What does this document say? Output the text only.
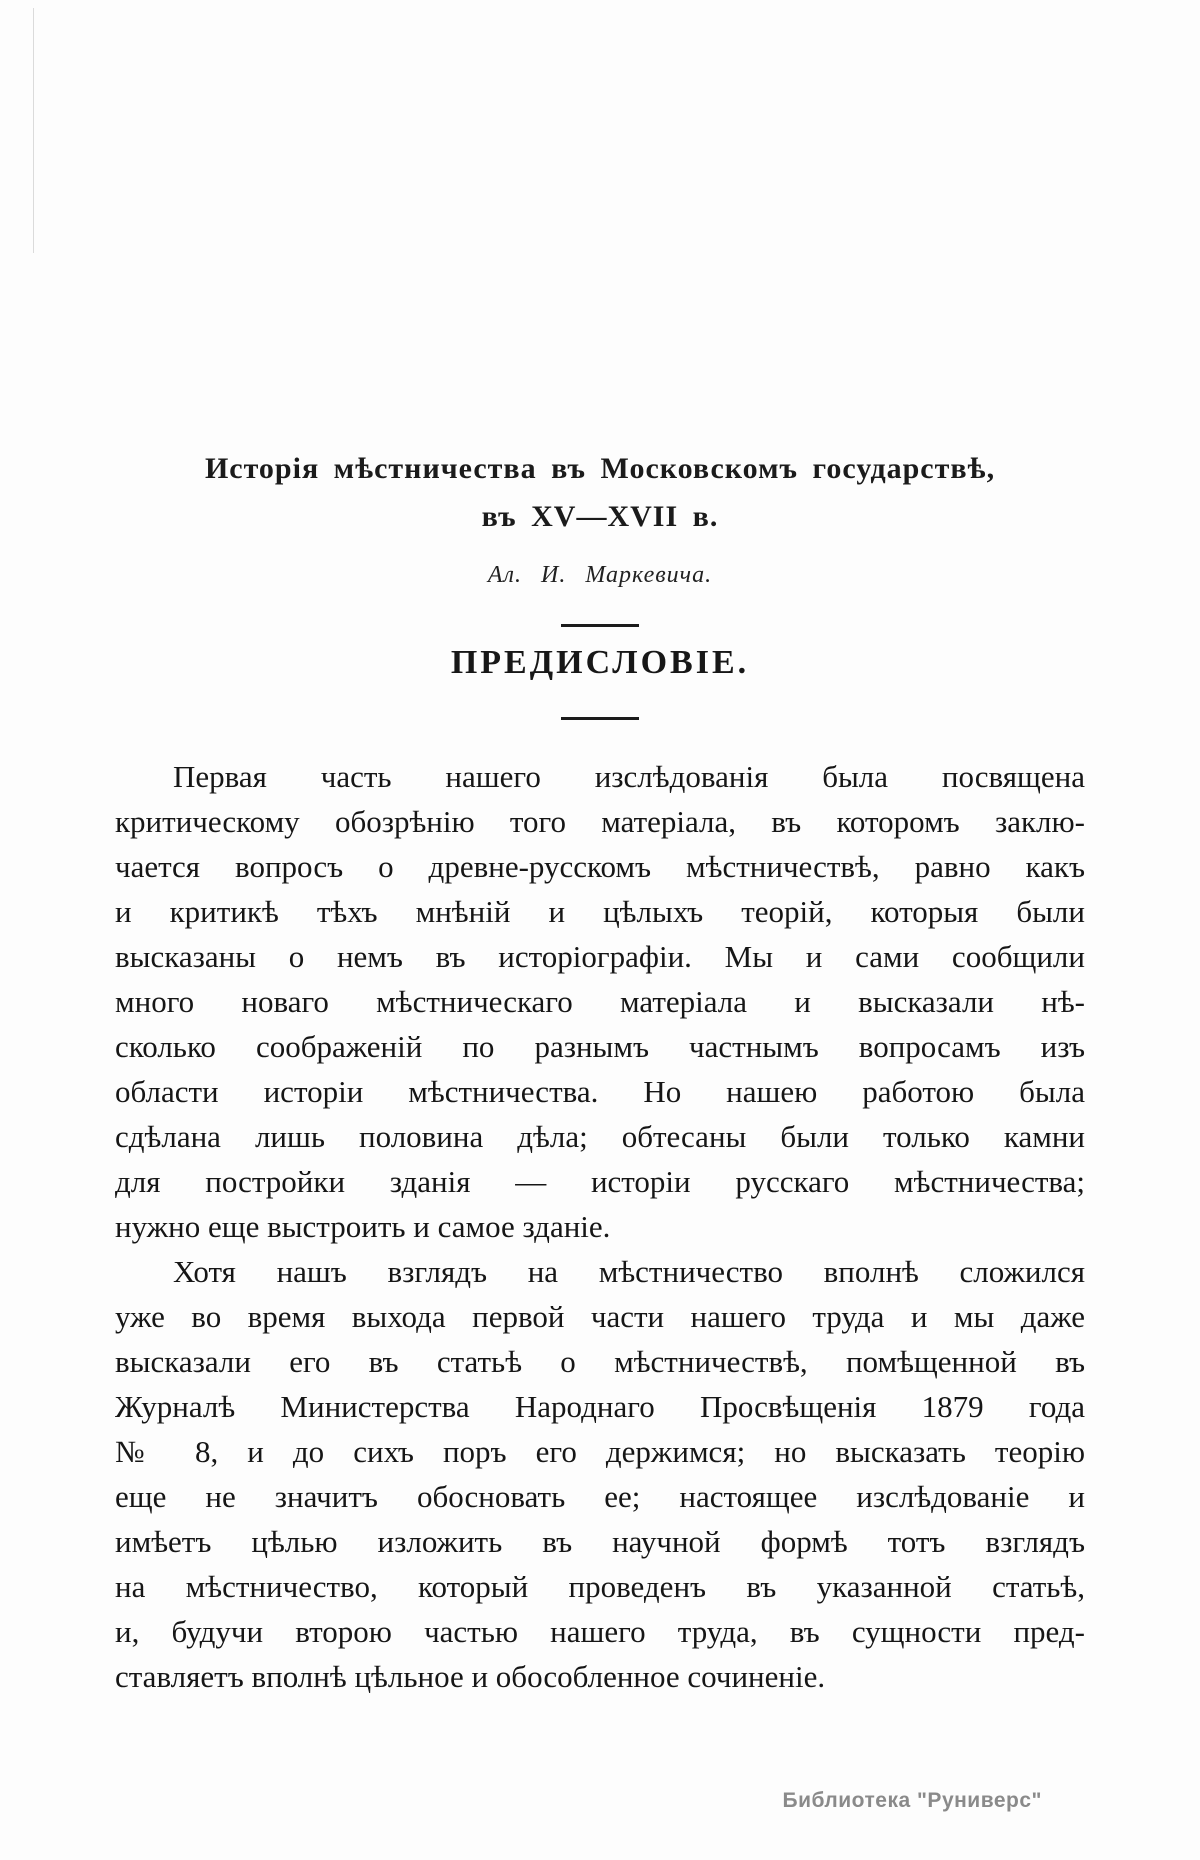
Исторія мѣстничества въ Московскомъ государствѣ,
въ XV—XVII в.
Ал. И. Маркевича.
ПРЕДИСЛОВІЕ.
Первая часть нашего изслѣдованія была посвящена
критическому обозрѣнію того матеріала, въ которомъ заклю-
чается вопросъ о древне-русскомъ мѣстничествѣ, равно какъ
и критикѣ тѣхъ мнѣній и цѣлыхъ теорій, которыя были
высказаны о немъ въ исторіографіи. Мы и сами сообщили
много новаго мѣстническаго матеріала и высказали нѣ-
сколько соображеній по разнымъ частнымъ вопросамъ изъ
области исторіи мѣстничества. Но нашею работою была
сдѣлана лишь половина дѣла; обтесаны были только камни
для постройки зданія — исторіи русскаго мѣстничества;
нужно еще выстроить и самое зданіе.
Хотя нашъ взглядъ на мѣстничество вполнѣ сложился
уже во время выхода первой части нашего труда и мы даже
высказали его въ статьѣ о мѣстничествѣ, помѣщенной въ
Журналѣ Министерства Народнаго Просвѣщенія 1879 года
№ 8, и до сихъ поръ его держимся; но высказать теорію
еще не значитъ обосновать ее; настоящее изслѣдованіе и
имѣетъ цѣлью изложить въ научной формѣ тотъ взглядъ
на мѣстничество, который проведенъ въ указанной статьѣ,
и, будучи второю частью нашего труда, въ сущности пред-
ставляетъ вполнѣ цѣльное и обособленное сочиненіе.
Библиотека "Руниверс"
